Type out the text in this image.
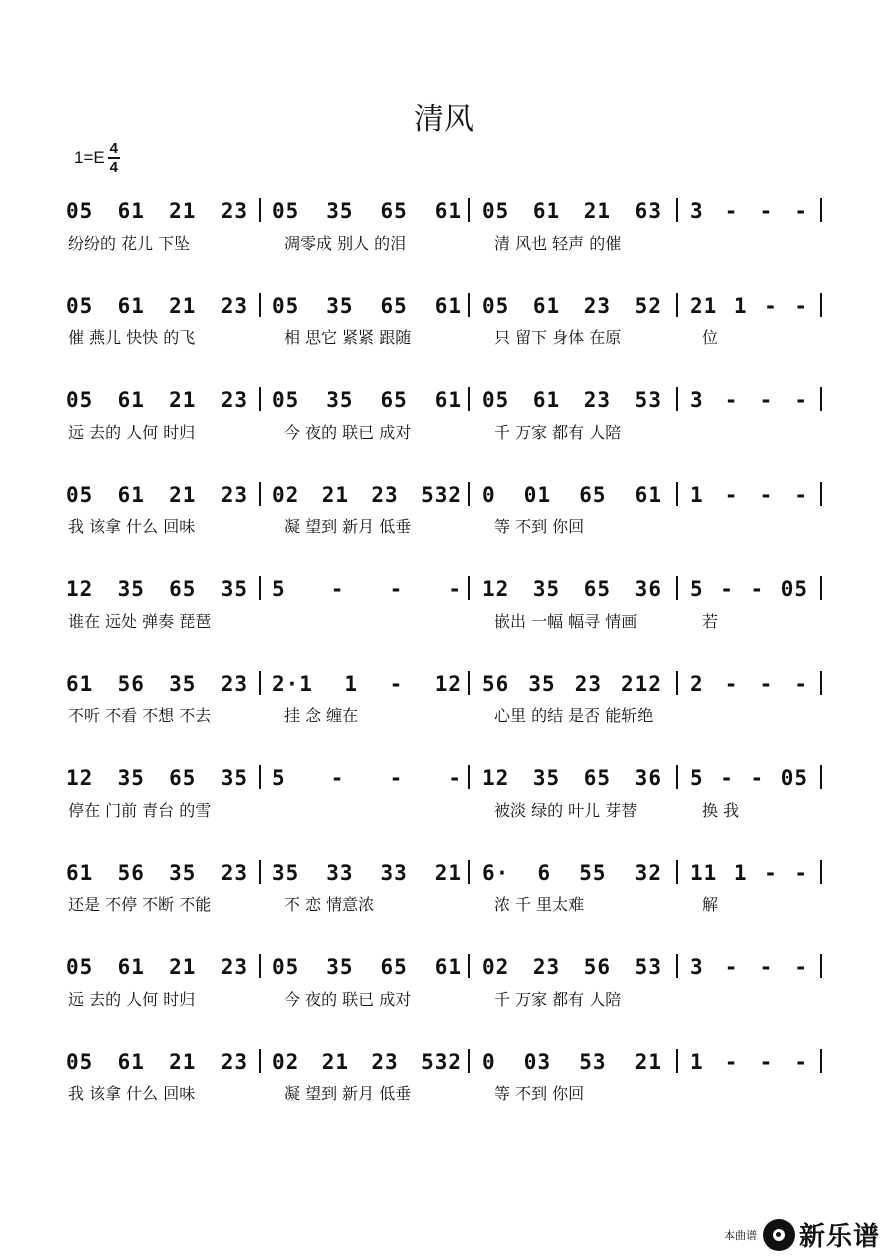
清风
$1=E \frac{4}{4}$
05 61 21 23 05 35 65 61 05 61 21 63 3 - - -
纷纷的 花儿 下坠	凋零成 别人 的泪	清 风也 轻声 的催
05 61 21 23 05 35 65 61 05 61 23 52 21 1 - -
催 燕儿 快快 的飞	相 思它 紧紧 跟随	只 留下 身体 在原	位
05 61 21 23 05 35 65 61 05 61 23 53 3 - - -
远 去的 人何 时归	今 夜的 联已 成对	千 万家 都有 人陪
05 61 21 23 02 21 23 532 0 01 65 61 1 - - -
我 该拿 什么 回味	凝 望到 新月 低垂	等 不到 你回
12 35 65 35 5 - - - 12 35 65 36 5 - - 05
谁在 远处 弹奏 琵琶	嵌出 一幅 幅寻 情画	若
61 56 35 23 2·1 1 - 12 56 35 23 212 2 - - -
不听 不看 不想 不去	挂 念 缠在	心里 的结 是否 能斩绝
12 35 65 35 5 - - - 12 35 65 36 5 - - 05
停在 门前 青台 的雪	被淡 绿的 叶儿 芽替	换 我
61 56 35 23 35 33 33 21 6· 6 55 32 11 1 - -
还是 不停 不断 不能	不 恋 情意浓	浓 千 里太难	解
05 61 21 23 05 35 65 61 02 23 56 53 3 - - -
远 去的 人何 时归	今 夜的 联已 成对	千 万家 都有 人陪
05 61 21 23 02 21 23 532 0 03 53 21 1 - - -
我 该拿 什么 回味	凝 望到 新月 低垂	等 不到 你回
本曲谱 新乐谱
